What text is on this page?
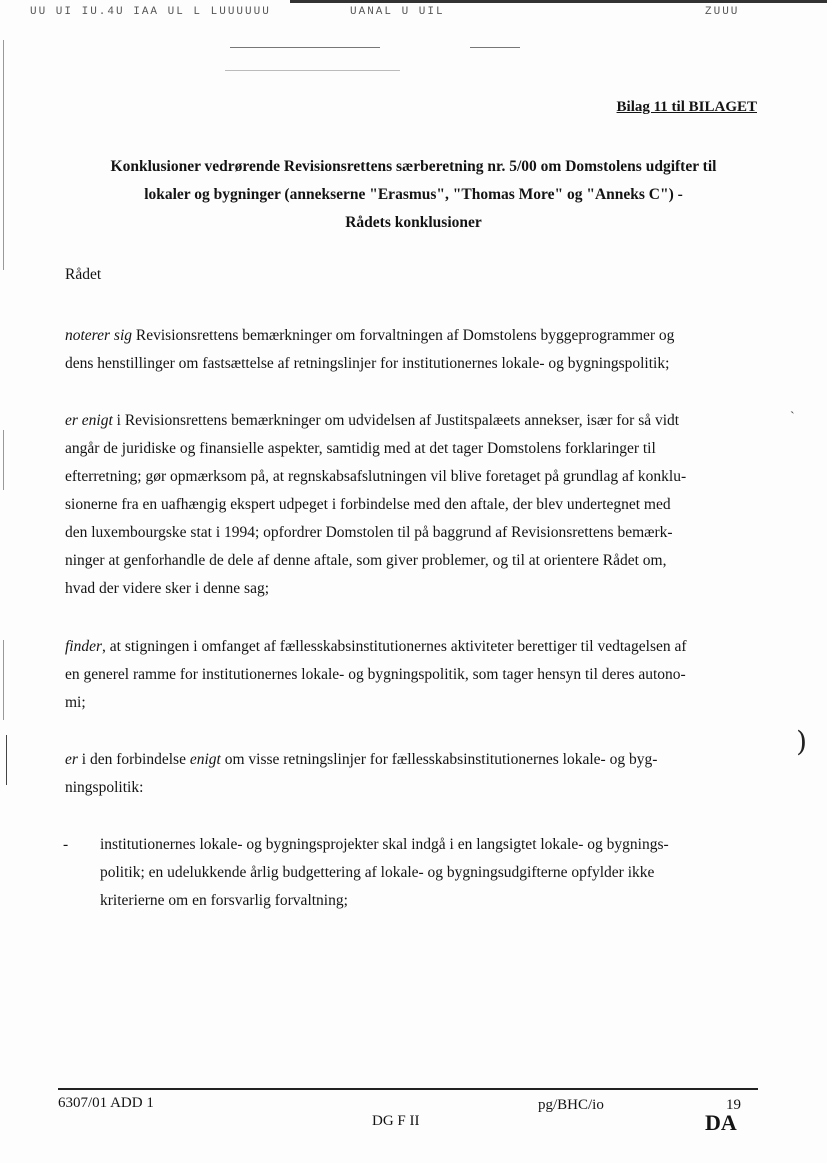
UU UI IU.4U IAA UL L LUUUUUU	UANAL U UIL	ZUUU
)
`
Bilag 11 til BILAGET
Konklusioner vedrørende Revisionsrettens særberetning nr. 5/00 om Domstolens udgifter til
lokaler og bygninger (annekserne "Erasmus", "Thomas More" og "Anneks C") -
Rådets konklusioner
Rådet
noterer sig Revisionsrettens bemærkninger om forvaltningen af Domstolens byggeprogrammer og
dens henstillinger om fastsættelse af retningslinjer for institutionernes lokale- og bygningspolitik;
er enigt i Revisionsrettens bemærkninger om udvidelsen af Justitspalæets annekser, især for så vidt
angår de juridiske og finansielle aspekter, samtidig med at det tager Domstolens forklaringer til
efterretning; gør opmærksom på, at regnskabsafslutningen vil blive foretaget på grundlag af konklu-
sionerne fra en uafhængig ekspert udpeget i forbindelse med den aftale, der blev undertegnet med
den luxembourgske stat i 1994; opfordrer Domstolen til på baggrund af Revisionsrettens bemærk-
ninger at genforhandle de dele af denne aftale, som giver problemer, og til at orientere Rådet om,
hvad der videre sker i denne sag;
finder, at stigningen i omfanget af fællesskabsinstitutionernes aktiviteter berettiger til vedtagelsen af
en generel ramme for institutionernes lokale- og bygningspolitik, som tager hensyn til deres autono-
mi;
er i den forbindelse enigt om visse retningslinjer for fællesskabsinstitutionernes lokale- og byg-
ningspolitik:
- institutionernes lokale- og bygningsprojekter skal indgå i en langsigtet lokale- og bygnings-
politik; en udelukkende årlig budgettering af lokale- og bygningsudgifterne opfylder ikke
kriterierne om en forsvarlig forvaltning;
6307/01 ADD 1
DG F II
pg/BHC/io	19
DA
